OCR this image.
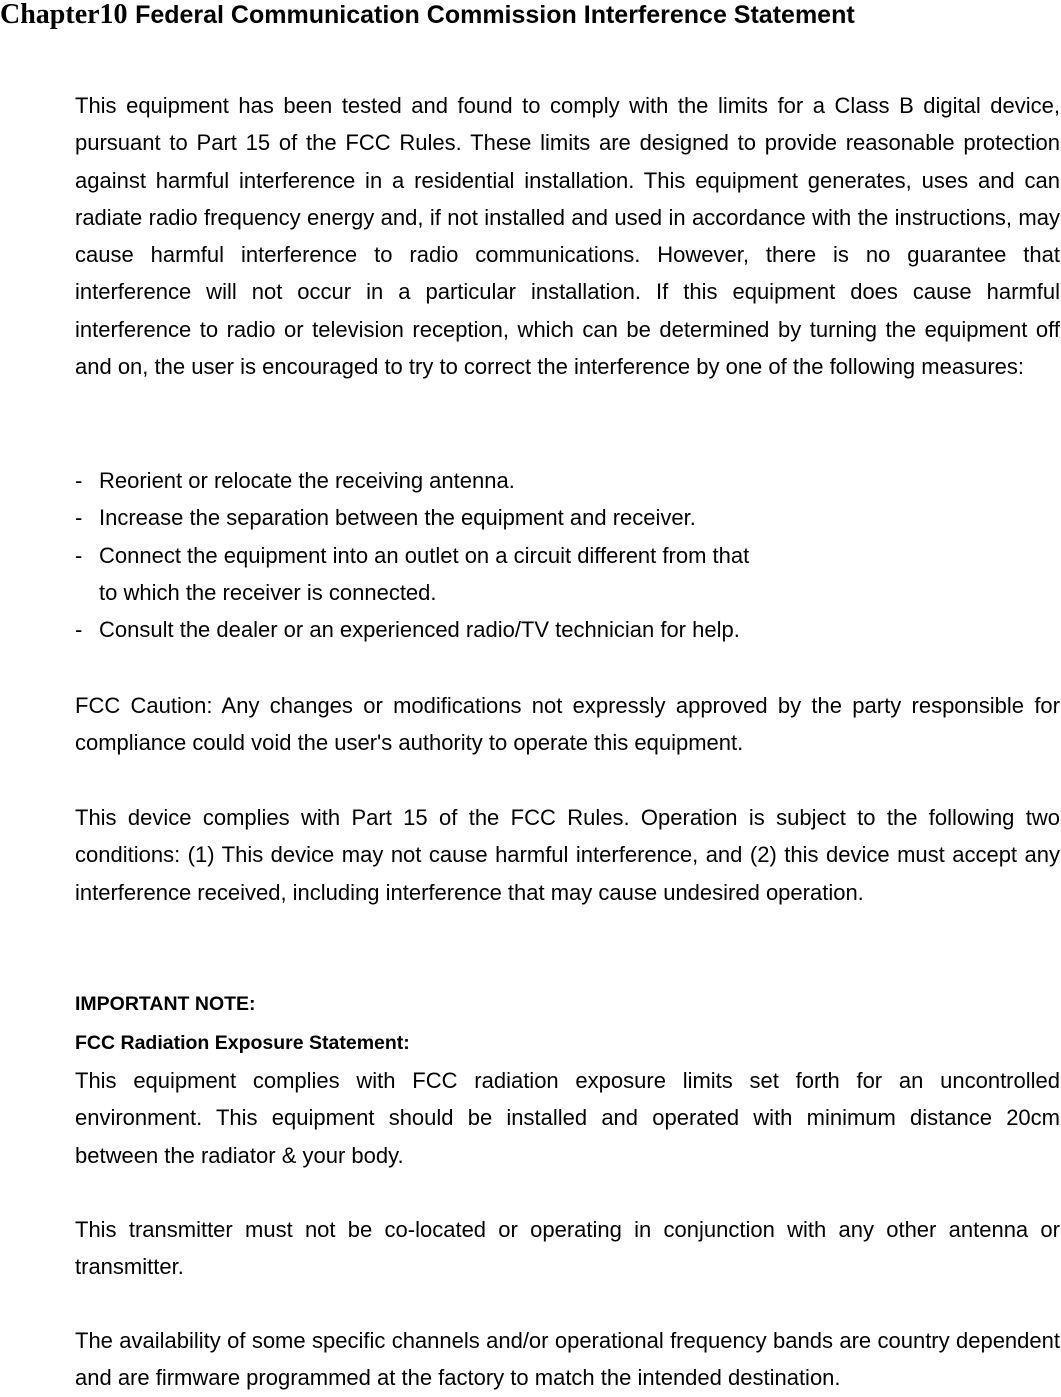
Chapter10 Federal Communication Commission Interference Statement

This equipment has been tested and found to comply with the limits for a Class B digital device, pursuant to Part 15 of the FCC Rules. These limits are designed to provide reasonable protection against harmful interference in a residential installation. This equipment generates, uses and can radiate radio frequency energy and, if not installed and used in accordance with the instructions, may cause harmful interference to radio communications. However, there is no guarantee that interference will not occur in a particular installation. If this equipment does cause harmful interference to radio or television reception, which can be determined by turning the equipment off and on, the user is encouraged to try to correct the interference by one of the following measures:

- Reorient or relocate the receiving antenna.
- Increase the separation between the equipment and receiver.
- Connect the equipment into an outlet on a circuit different from that
to which the receiver is connected.
- Consult the dealer or an experienced radio/TV technician for help.

FCC Caution: Any changes or modifications not expressly approved by the party responsible for compliance could void the user's authority to operate this equipment.

This device complies with Part 15 of the FCC Rules. Operation is subject to the following two conditions: (1) This device may not cause harmful interference, and (2) this device must accept any interference received, including interference that may cause undesired operation.

IMPORTANT NOTE:
FCC Radiation Exposure Statement:

This equipment complies with FCC radiation exposure limits set forth for an uncontrolled environment. This equipment should be installed and operated with minimum distance 20cm between the radiator & your body.

This transmitter must not be co-located or operating in conjunction with any other antenna or transmitter.

The availability of some specific channels and/or operational frequency bands are country dependent and are firmware programmed at the factory to match the intended destination.
